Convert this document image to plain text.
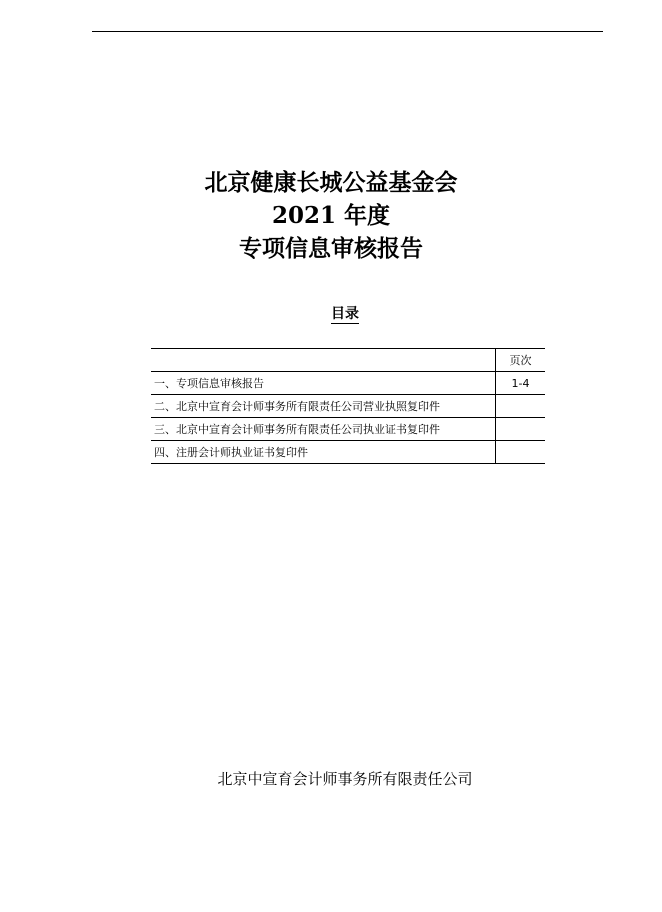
北京健康长城公益基金会
2021 年度
专项信息审核报告
目录
	页次
一、专项信息审核报告	1-4
二、北京中宣育会计师事务所有限责任公司营业执照复印件	
三、北京中宣育会计师事务所有限责任公司执业证书复印件	
四、注册会计师执业证书复印件	
北京中宣育会计师事务所有限责任公司
